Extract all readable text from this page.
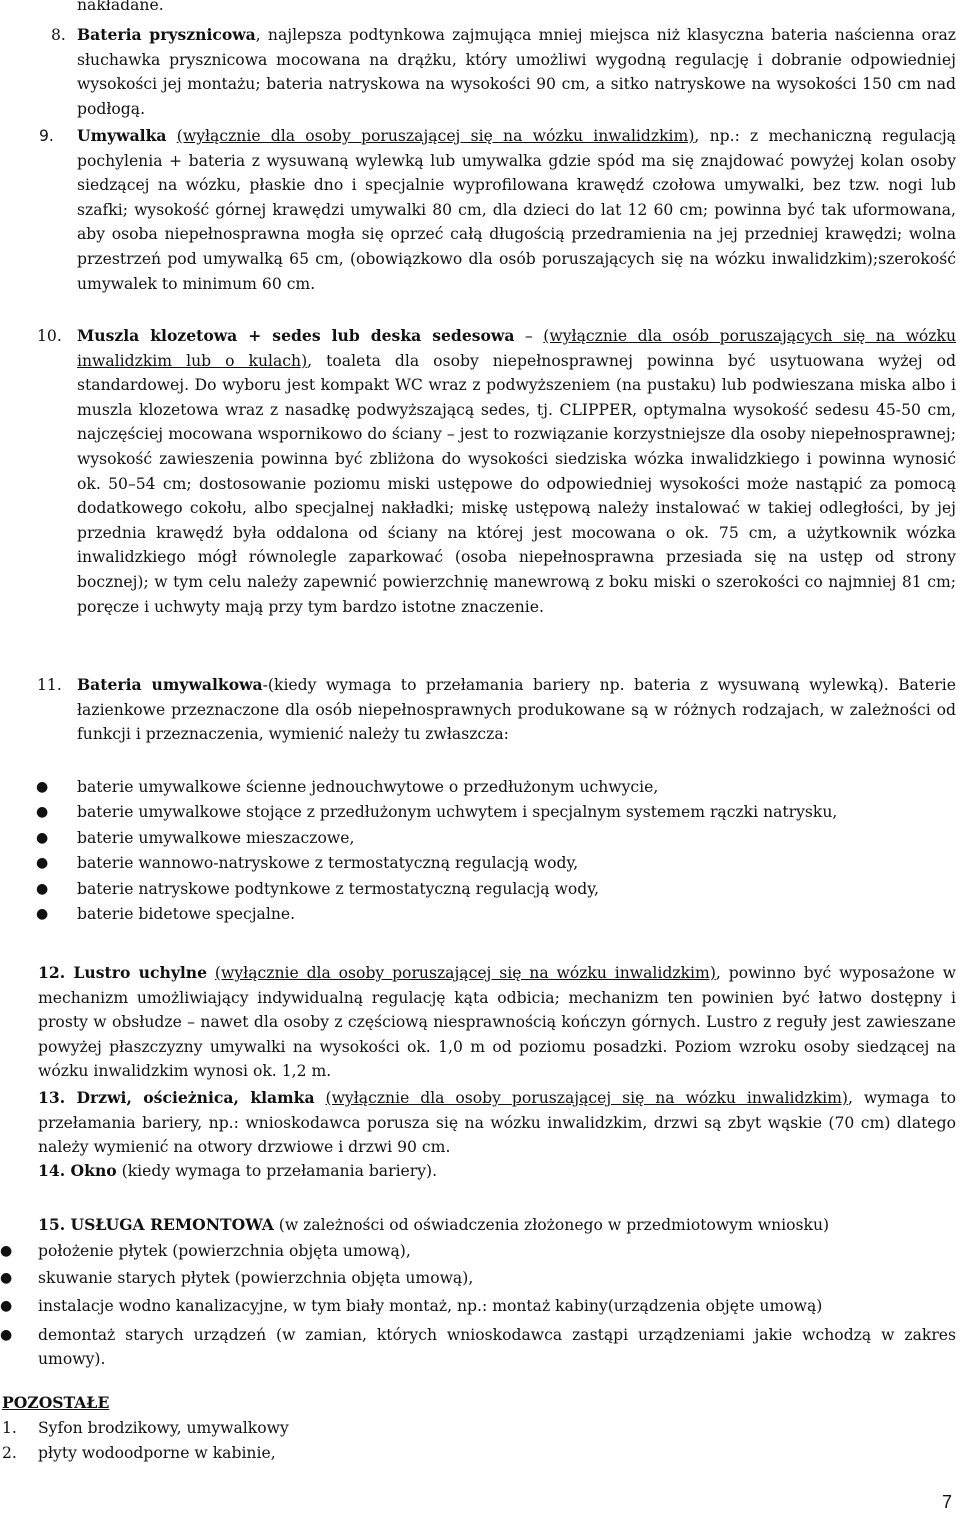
nakładane.

8. Bateria prysznicowa, najlepsza podtynkowa zajmująca mniej miejsca niż klasyczna bateria naścienna oraz słuchawka prysznicowa mocowana na drążku, który umożliwi wygodną regulację i dobranie odpowiedniej wysokości jej montażu; bateria natryskowa na wysokości 90 cm, a sitko natryskowe na wysokości 150 cm nad podłogą.
9. Umywalka (wyłącznie dla osoby poruszającej się na wózku inwalidzkim), np.: z mechaniczną regulacją pochylenia + bateria z wysuwaną wylewką lub umywalka gdzie spód ma się znajdować powyżej kolan osoby siedzącej na wózku, płaskie dno i specjalnie wyprofilowana krawędź czołowa umywalki, bez tzw. nogi lub szafki; wysokość górnej krawędzi umywalki 80 cm, dla dzieci do lat 12 60 cm; powinna być tak uformowana, aby osoba niepełnosprawna mogła się oprzeć całą długością przedramienia na jej przedniej krawędzi; wolna przestrzeń pod umywalką 65 cm, (obowiązkowo dla osób poruszających się na wózku inwalidzkim);szerokość umywalek to minimum 60 cm.
10. Muszla klozetowa + sedes lub deska sedesowa – (wyłącznie dla osób poruszających się na wózku inwalidzkim lub o kulach), toaleta dla osoby niepełnosprawnej powinna być usytuowana wyżej od standardowej. Do wyboru jest kompakt WC wraz z podwyższeniem (na pustaku) lub podwieszana miska albo i muszla klozetowa wraz z nasadkę podwyższającą sedes, tj. CLIPPER, optymalna wysokość sedesu 45-50 cm, najczęściej mocowana wspornikowo do ściany – jest to rozwiązanie korzystniejsze dla osoby niepełnosprawnej; wysokość zawieszenia powinna być zbliżona do wysokości siedziska wózka inwalidzkiego i powinna wynosić ok. 50–54 cm; dostosowanie poziomu miski ustępowe do odpowiedniej wysokości może nastąpić za pomocą dodatkowego cokołu, albo specjalnej nakładki; miskę ustępową należy instalować w takiej odległości, by jej przednia krawędź była oddalona od ściany na której jest mocowana o ok. 75 cm, a użytkownik wózka inwalidzkiego mógł równolegle zaparkować (osoba niepełnosprawna przesiada się na ustęp od strony bocznej); w tym celu należy zapewnić powierzchnię manewrową z boku miski o szerokości co najmniej 81 cm; poręcze i uchwyty mają przy tym bardzo istotne znaczenie.
11. Bateria umywalkowa-(kiedy wymaga to przełamania bariery np. bateria z wysuwaną wylewką). Baterie łazienkowe przeznaczone dla osób niepełnosprawnych produkowane są w różnych rodzajach, w zależności od funkcji i przeznaczenia, wymienić należy tu zwłaszcza:
● baterie umywalkowe ścienne jednouchwytowe o przedłużonym uchwycie,
● baterie umywalkowe stojące z przedłużonym uchwytem i specjalnym systemem rączki natrysku,
● baterie umywalkowe mieszaczowe,
● baterie wannowo-natryskowe z termostatyczną regulacją wody,
● baterie natryskowe podtynkowe z termostatyczną regulacją wody,
● baterie bidetowe specjalne.
12. Lustro uchylne (wyłącznie dla osoby poruszającej się na wózku inwalidzkim), powinno być wyposażone w mechanizm umożliwiający indywidualną regulację kąta odbicia; mechanizm ten powinien być łatwo dostępny i prosty w obsłudze – nawet dla osoby z częściową niesprawnością kończyn górnych. Lustro z reguły jest zawieszane powyżej płaszczyzny umywalki na wysokości ok. 1,0 m od poziomu posadzki. Poziom wzroku osoby siedzącej na wózku inwalidzkim wynosi ok. 1,2 m.
13. Drzwi, ościeżnica, klamka (wyłącznie dla osoby poruszającej się na wózku inwalidzkim), wymaga to przełamania bariery, np.: wnioskodawca porusza się na wózku inwalidzkim, drzwi są zbyt wąskie (70 cm) dlatego należy wymienić na otwory drzwiowe i drzwi 90 cm.
14. Okno (kiedy wymaga to przełamania bariery).
15. USŁUGA REMONTOWA (w zależności od oświadczenia złożonego w przedmiotowym wniosku)
● położenie płytek (powierzchnia objęta umową),
● skuwanie starych płytek (powierzchnia objęta umową),
● instalacje wodno kanalizacyjne, w tym biały montaż, np.: montaż kabiny(urządzenia objęte umową)
● demontaż starych urządzeń (w zamian, których wnioskodawca zastąpi urządzeniami jakie wchodzą w zakres umowy).

POZOSTAŁE

1. Syfon brodzikowy, umywalkowy
2. płyty wodoodporne w kabinie,
7
